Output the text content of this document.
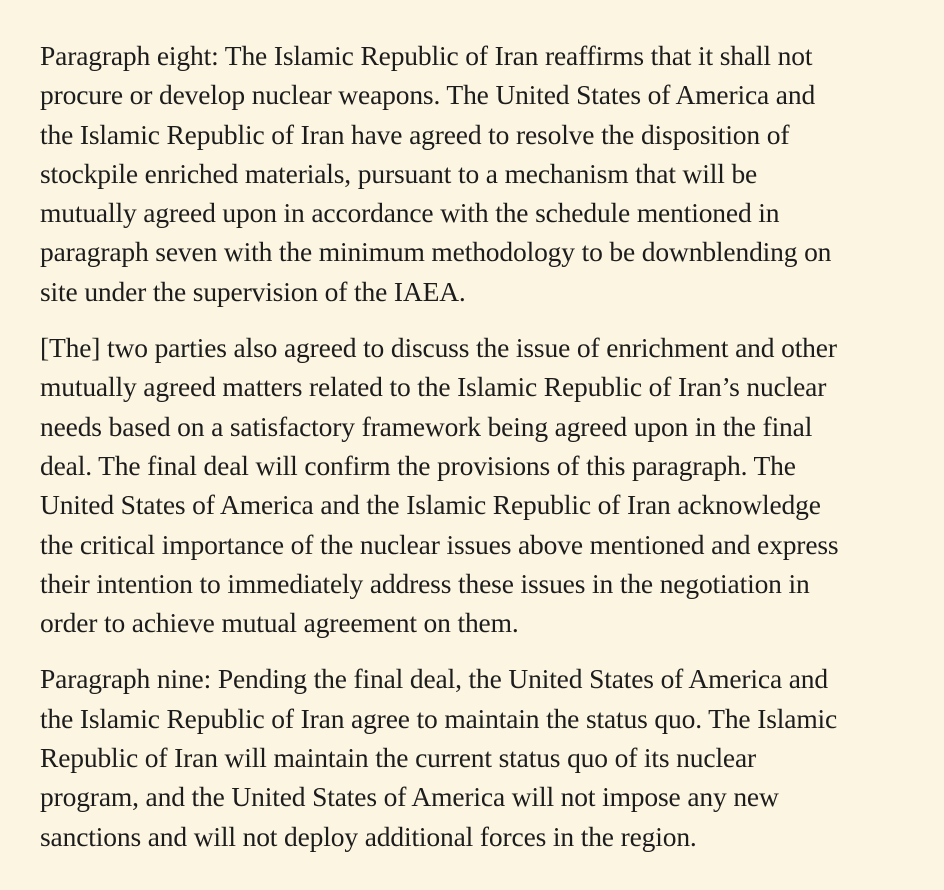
Paragraph eight: The Islamic Republic of Iran reaffirms that it shall not
procure or develop nuclear weapons. The United States of America and
the Islamic Republic of Iran have agreed to resolve the disposition of
stockpile enriched materials, pursuant to a mechanism that will be
mutually agreed upon in accordance with the schedule mentioned in
paragraph seven with the minimum methodology to be downblending on
site under the supervision of the IAEA.

[The] two parties also agreed to discuss the issue of enrichment and other
mutually agreed matters related to the Islamic Republic of Iran’s nuclear
needs based on a satisfactory framework being agreed upon in the final
deal. The final deal will confirm the provisions of this paragraph. The
United States of America and the Islamic Republic of Iran acknowledge
the critical importance of the nuclear issues above mentioned and express
their intention to immediately address these issues in the negotiation in
order to achieve mutual agreement on them.

Paragraph nine: Pending the final deal, the United States of America and
the Islamic Republic of Iran agree to maintain the status quo. The Islamic
Republic of Iran will maintain the current status quo of its nuclear
program, and the United States of America will not impose any new
sanctions and will not deploy additional forces in the region.
